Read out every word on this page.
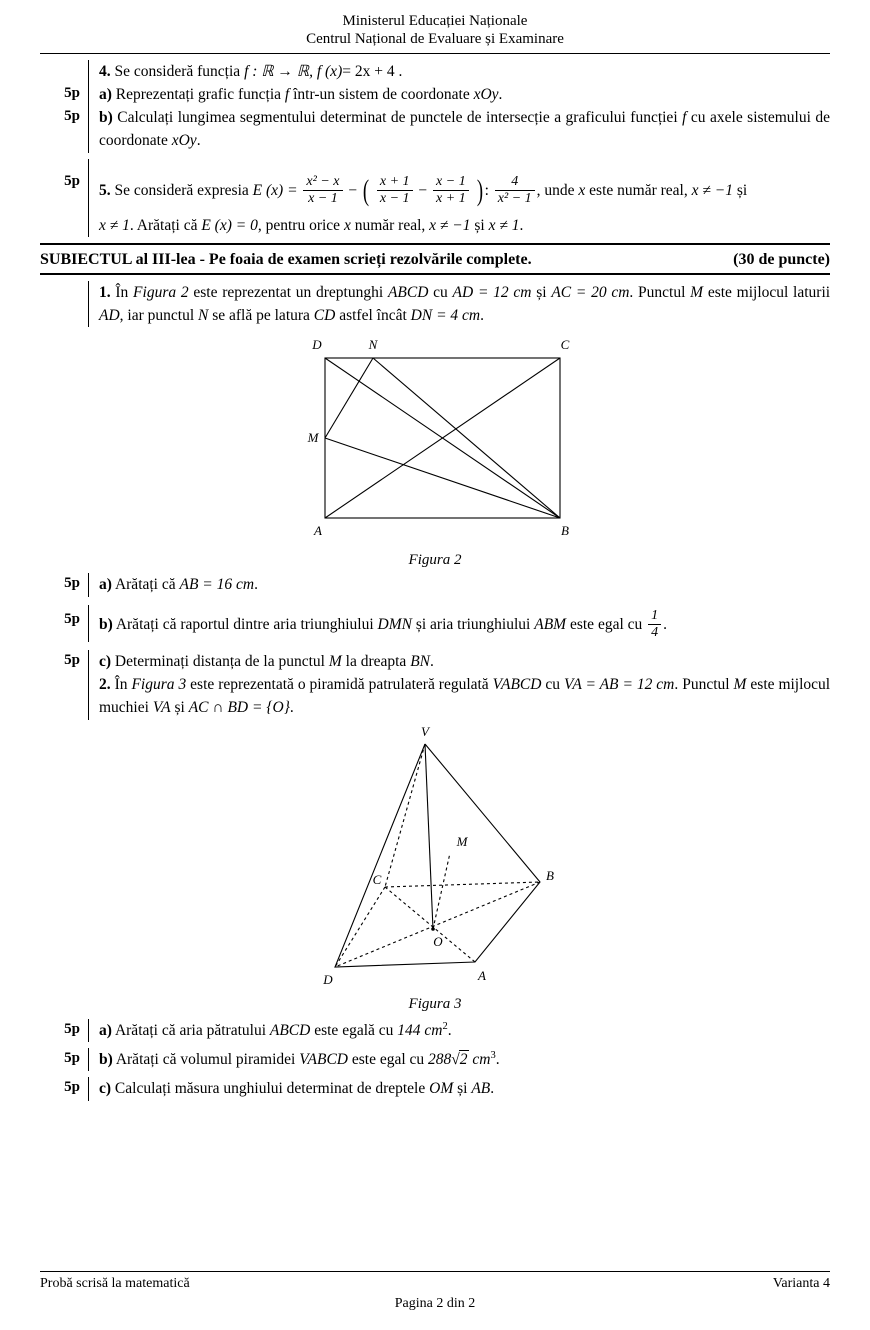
Ministerul Educației Naționale
Centrul Național de Evaluare și Examinare
4. Se consideră funcția f : ℝ → ℝ, f (x)= 2x + 4 .
5p	a) Reprezentați grafic funcția f într-un sistem de coordonate xOy.
5p	b) Calculați lungimea segmentului determinat de punctele de intersecție a graficului funcției f cu axele sistemului de coordonate xOy.
5p
5. Se consideră expresia E $(x) = \frac{\text{x² − x}}{x - 1}$ − ( $\frac{x + 1}{x - 1} - \frac{x - 1}{x + 1}$ ) : $\frac{4}{\text{x² − 1}}$ , unde x este număr real, x ≠ −1 și
x ≠ 1. Arătați că E (x) = 0, pentru orice x număr real, x ≠ −1 și x ≠ 1.
SUBIECTUL al III-lea - Pe foaia de examen scrieți rezolvările complete.	(30 de puncte)
1. În Figura 2 este reprezentat un dreptunghi ABCD cu AD = 12 cm și AC = 20 cm. Punctul M este mijlocul laturii AD, iar punctul N se află pe latura CD astfel încât DN = 4 cm.
D	N	C
M
A	B
Figura 2
5p	a) Arătați că AB = 16 cm.
5p	b) Arătați că raportul dintre aria triunghiului DMN și aria triunghiului ABM este egal cu $\frac{1}{4}$ .
5p	c) Determinați distanța de la punctul M la dreapta BN.
2. În Figura 3 este reprezentată o piramidă patrulateră regulată VABCD cu VA = AB = 12 cm. Punctul M este mijlocul muchiei VA și AC ∩ BD = {O}.
V
M
C	B
O
D	A
Figura 3
5p	a) Arătați că aria pătratului ABCD este egală cu 144 $cm^2$.
5p	b) Arătați că volumul piramidei VABCD este egal cu 288√2 $cm^3$.
5p	c) Calculați măsura unghiului determinat de dreptele OM și AB.
Probă scrisă la matematică	Varianta 4
Pagina 2 din 2
